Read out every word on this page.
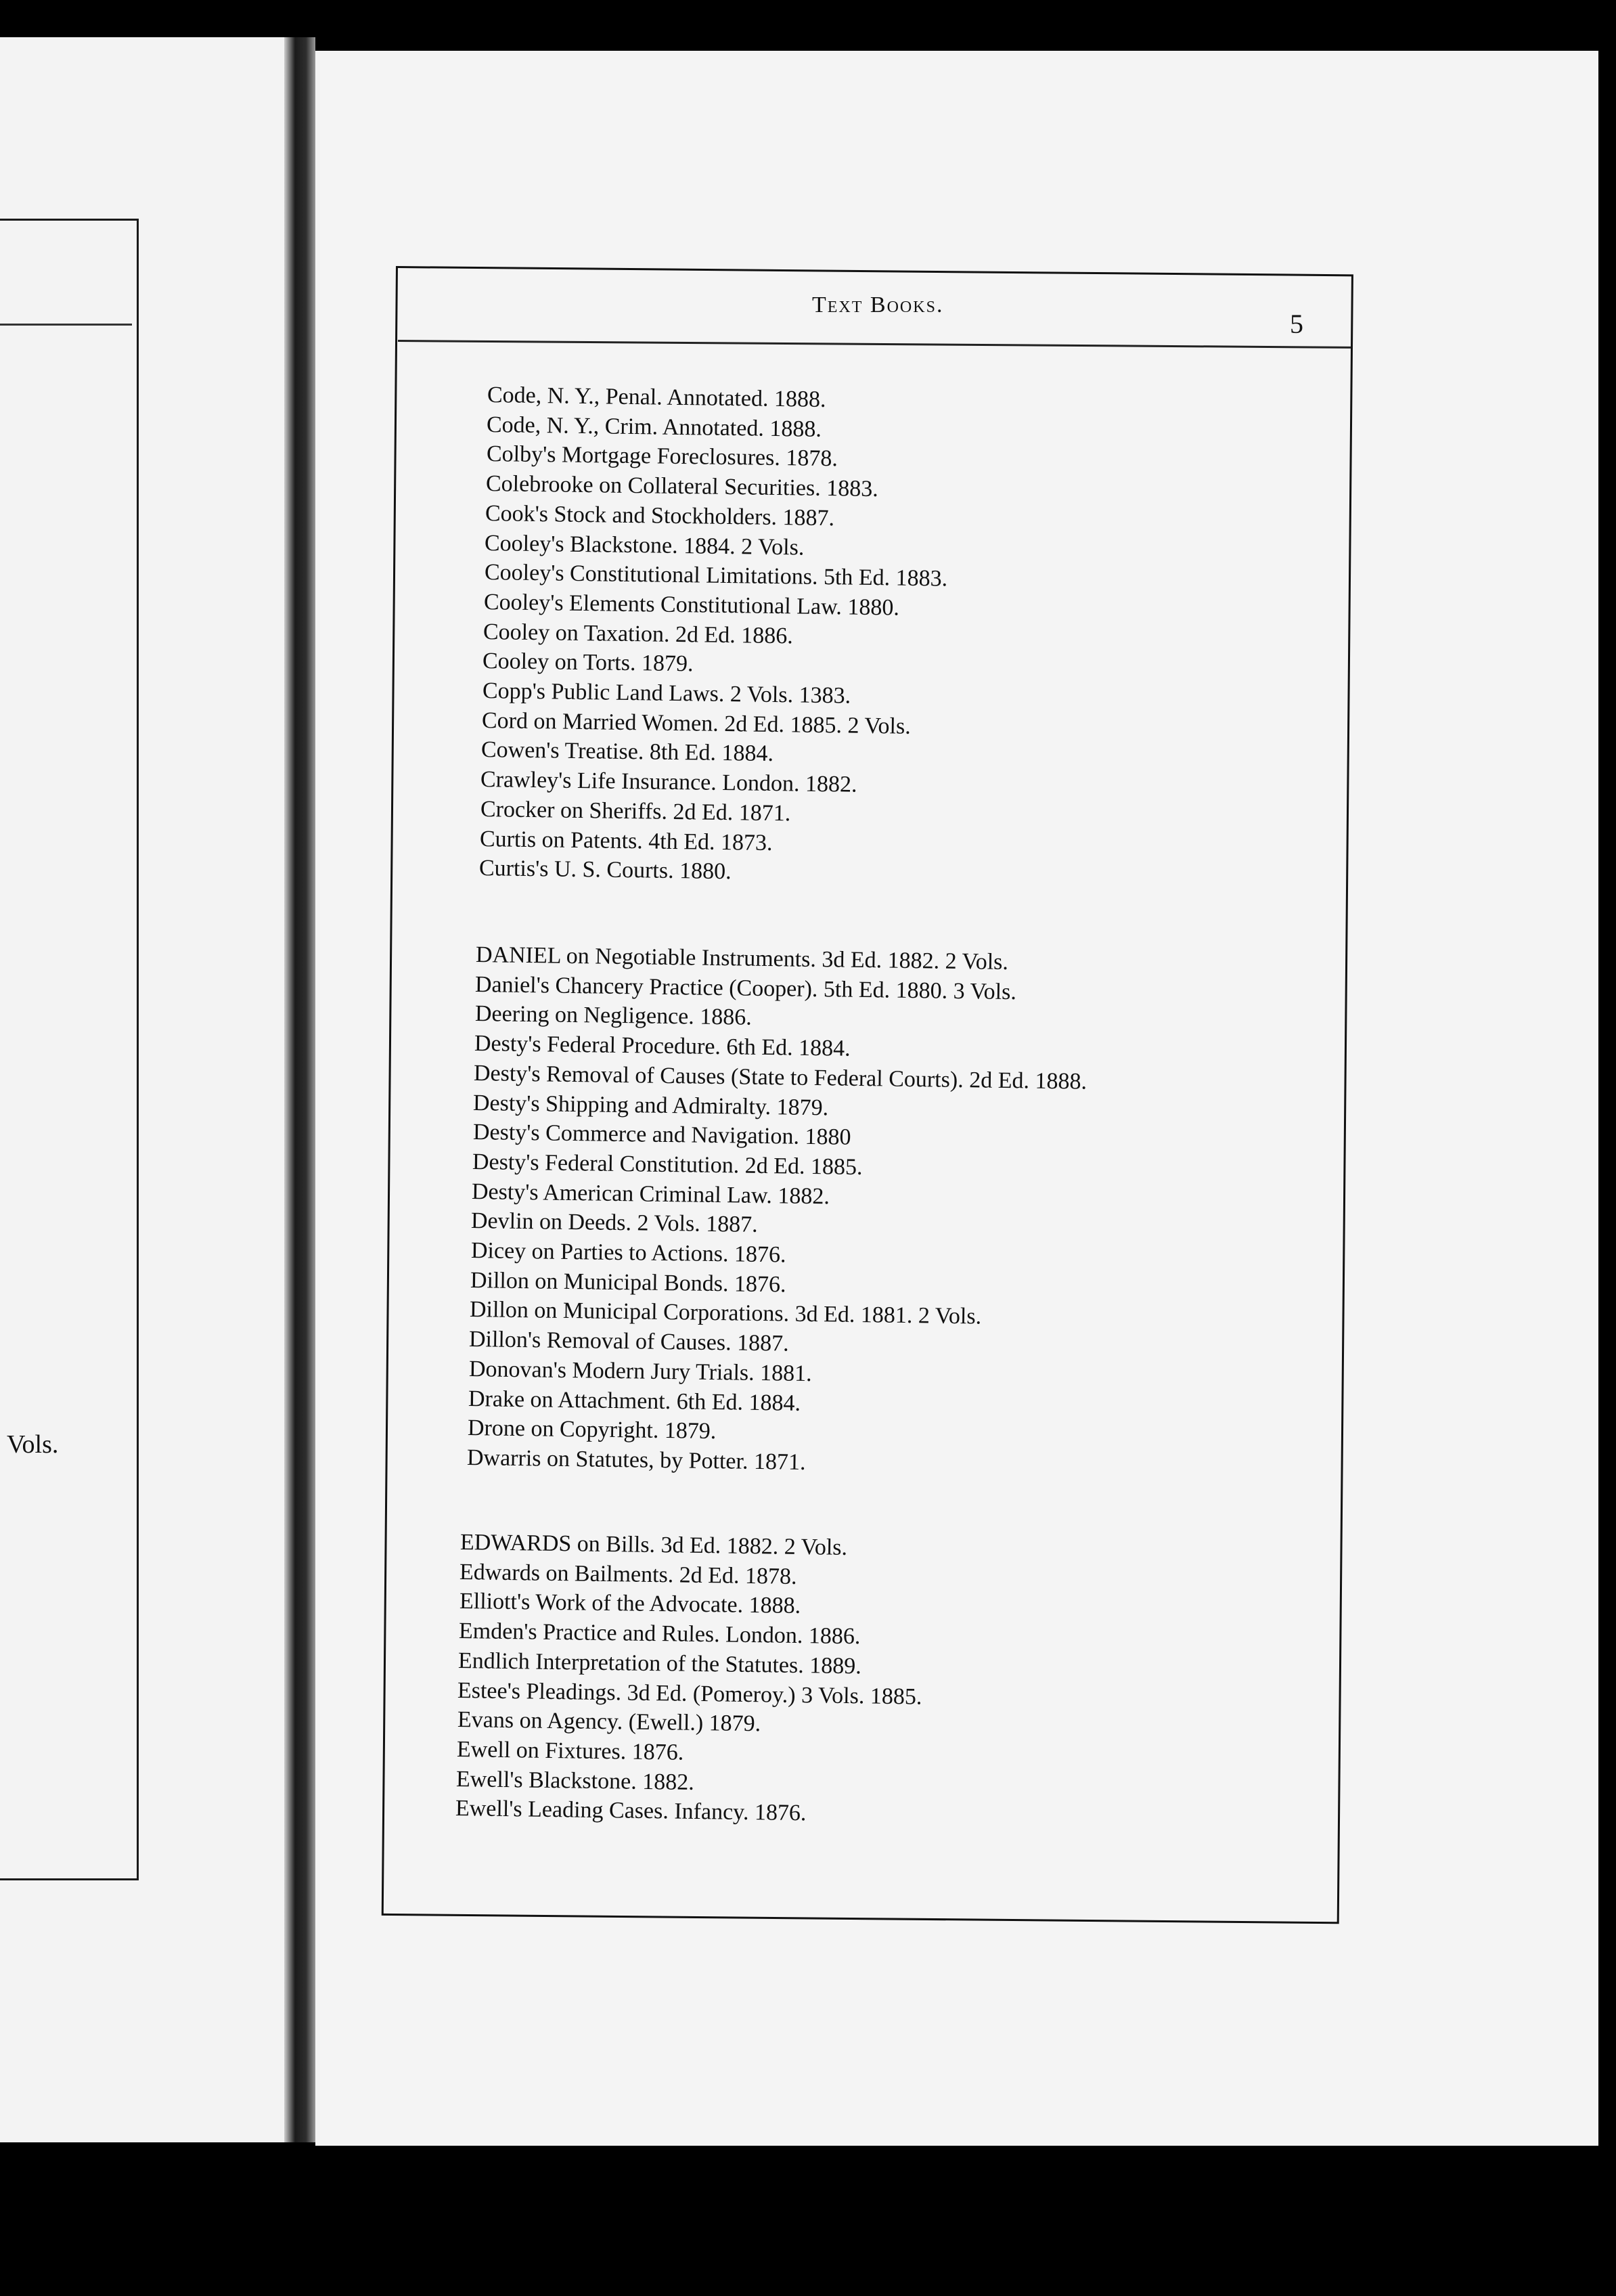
Vols.
Text Books.
5
Code, N. Y., Penal. Annotated. 1888.
Code, N. Y., Crim. Annotated. 1888.
Colby's Mortgage Foreclosures. 1878.
Colebrooke on Collateral Securities. 1883.
Cook's Stock and Stockholders. 1887.
Cooley's Blackstone. 1884. 2 Vols.
Cooley's Constitutional Limitations. 5th Ed. 1883.
Cooley's Elements Constitutional Law. 1880.
Cooley on Taxation. 2d Ed. 1886.
Cooley on Torts. 1879.
Copp's Public Land Laws. 2 Vols. 1383.
Cord on Married Women. 2d Ed. 1885. 2 Vols.
Cowen's Treatise. 8th Ed. 1884.
Crawley's Life Insurance. London. 1882.
Crocker on Sheriffs. 2d Ed. 1871.
Curtis on Patents. 4th Ed. 1873.
Curtis's U. S. Courts. 1880.
DANIEL on Negotiable Instruments. 3d Ed. 1882. 2 Vols.
Daniel's Chancery Practice (Cooper). 5th Ed. 1880. 3 Vols.
Deering on Negligence. 1886.
Desty's Federal Procedure. 6th Ed. 1884.
Desty's Removal of Causes (State to Federal Courts). 2d Ed. 1888.
Desty's Shipping and Admiralty. 1879.
Desty's Commerce and Navigation. 1880
Desty's Federal Constitution. 2d Ed. 1885.
Desty's American Criminal Law. 1882.
Devlin on Deeds. 2 Vols. 1887.
Dicey on Parties to Actions. 1876.
Dillon on Municipal Bonds. 1876.
Dillon on Municipal Corporations. 3d Ed. 1881. 2 Vols.
Dillon's Removal of Causes. 1887.
Donovan's Modern Jury Trials. 1881.
Drake on Attachment. 6th Ed. 1884.
Drone on Copyright. 1879.
Dwarris on Statutes, by Potter. 1871.
EDWARDS on Bills. 3d Ed. 1882. 2 Vols.
Edwards on Bailments. 2d Ed. 1878.
Elliott's Work of the Advocate. 1888.
Emden's Practice and Rules. London. 1886.
Endlich Interpretation of the Statutes. 1889.
Estee's Pleadings. 3d Ed. (Pomeroy.) 3 Vols. 1885.
Evans on Agency. (Ewell.) 1879.
Ewell on Fixtures. 1876.
Ewell's Blackstone. 1882.
Ewell's Leading Cases. Infancy. 1876.
